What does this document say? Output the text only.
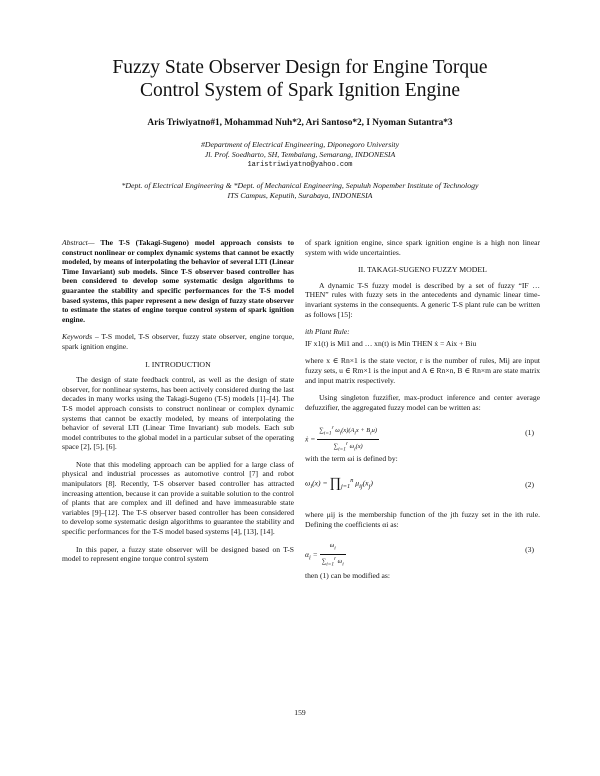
Fuzzy State Observer Design for Engine Torque
Control System of Spark Ignition Engine
Aris Triwiyatno#1, Mohammad Nuh*2, Ari Santoso*2, I Nyoman Sutantra*3
#Department of Electrical Engineering, Diponegoro University
Jl. Prof. Soedharto, SH, Tembalang, Semarang, INDONESIA
1aristriwiyatno@yahoo.com
*Dept. of Electrical Engineering & *Dept. of Mechanical Engineering, Sepuluh Nopember Institute of Technology
ITS Campus, Keputih, Surabaya, INDONESIA

Abstract— The T-S (Takagi-Sugeno) model approach consists to construct nonlinear or complex dynamic systems that cannot be exactly modeled, by means of interpolating the behavior of several LTI (Linear Time Invariant) sub models. Since T-S observer based controller has been considered to develop some systematic design algorithms to guarantee the stability and specific performances for the T-S model based systems, this paper represent a new design of fuzzy state observer to estimate the states of engine torque control system of spark ignition engine.

Keywords – T-S model, T-S observer, fuzzy state observer, engine torque, spark ignition engine.

I. INTRODUCTION

The design of state feedback control, as well as the design of state observer, for nonlinear systems, has been actively considered during the last decades in many works using the Takagi-Sugeno (T-S) models [1]–[4]. The T-S model approach consists to construct nonlinear or complex dynamic systems that cannot be exactly modeled, by means of interpolating the behavior of several LTI (Linear Time Invariant) sub models. Each sub model contributes to the global model in a particular subset of the operating space [2], [5], [6].

Note that this modeling approach can be applied for a large class of physical and industrial processes as automotive control [7] and robot manipulators [8]. Recently, T-S observer based controller has attracted increasing attention, because it can provide a suitable solution to the control of plants that are complex and ill defined and have immeasurable state variables [9]–[12]. The T-S observer based controller has been considered to develop some systematic design algorithms to guarantee the stability and specific performances for the T-S model based systems [4], [13], [14].

In this paper, a fuzzy state observer will be designed based on T-S model to represent engine torque control system

of spark ignition engine, since spark ignition engine is a high non linear system with wide uncertainties.

II. TAKAGI-SUGENO FUZZY MODEL

A dynamic T-S fuzzy model is described by a set of fuzzy “IF … THEN” rules with fuzzy sets in the antecedents and dynamic linear time-invariant systems in the consequents. A generic T-S plant rule can be written as follows [15]:

ith Plant Rule:

IF x1(t) is Mi1 and … xn(t) is Min THEN ẋ = Aix + Biu

where x ∈ Rn×1 is the state vector, r is the number of rules, Mij are input fuzzy sets, u ∈ Rm×1 is the input and A ∈ Rn×n, B ∈ Rn×m are state matrix and input matrix respectively.

Using singleton fuzzifier, max-product inference and center average defuzzifier, the aggregated fuzzy model can be written as:

ẋ = $\frac{\sum_{i=1}^r \omega_i(x)(A_ix + B_iu)}{\sum_{i=1}^r \omega_i(x)}$	(1)

with the term ωi is defined by:

$\omega_i(x)$ = $\prod_{j=1}^n$ $\mu_{ij}(x_j)$	(2)

where μij is the membership function of the jth fuzzy set in the ith rule. Defining the coefficients αi as:

$\alpha_i = \frac{\omega_i}{\sum_{i=1}^r \omega_i}$	(3)

then (1) can be modified as:

159
